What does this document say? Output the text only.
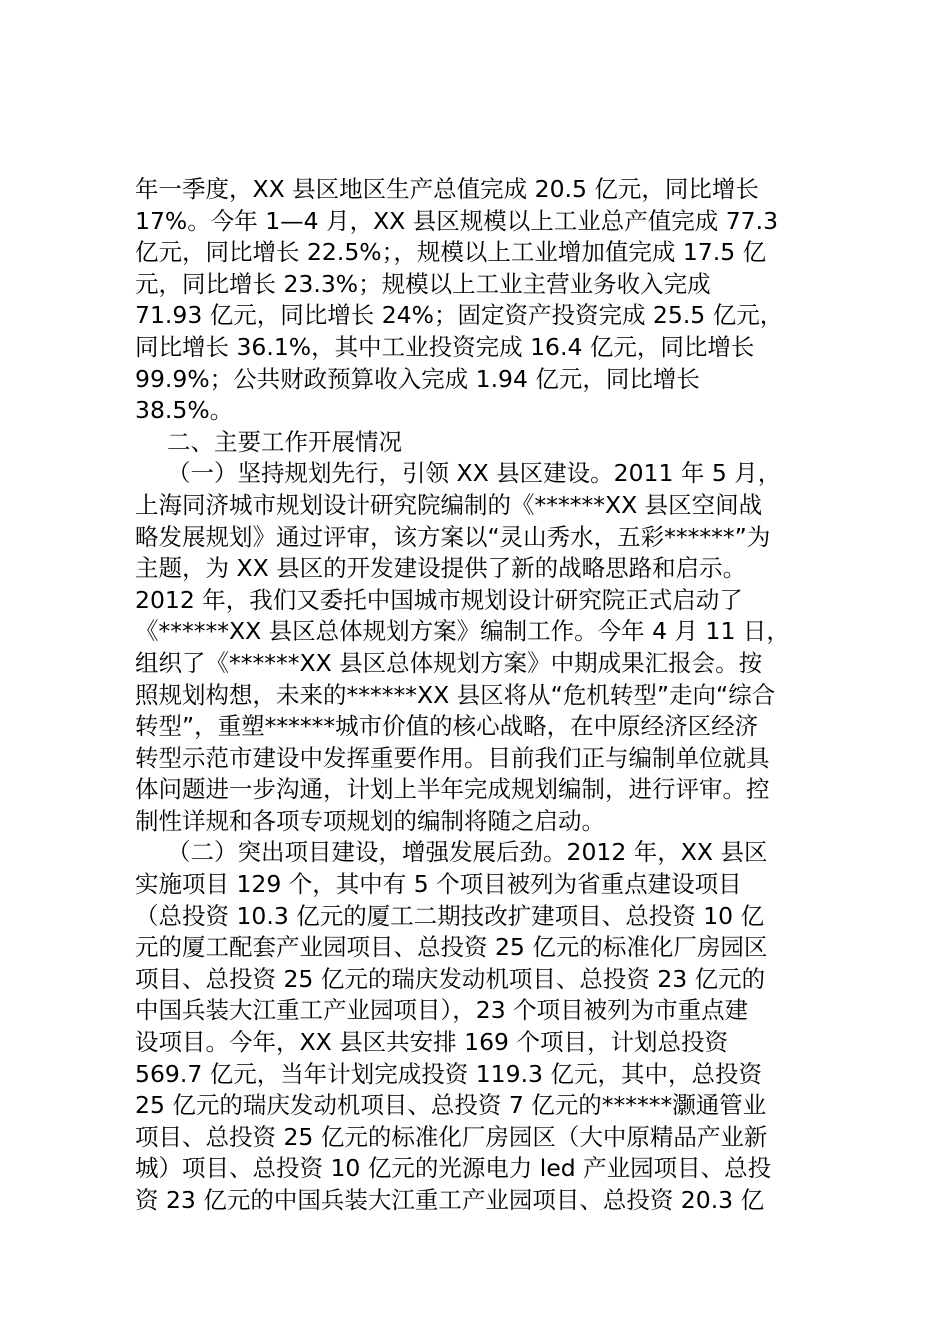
年一季度，XX 县区地区生产总值完成 20.5 亿元，同比增长
17%。今年 1—4 月，XX 县区规模以上工业总产值完成 77.3
亿元，同比增长 22.5%；，规模以上工业增加值完成 17.5 亿
元，同比增长 23.3%；规模以上工业主营业务收入完成
71.93 亿元，同比增长 24%；固定资产投资完成 25.5 亿元，
同比增长 36.1%，其中工业投资完成 16.4 亿元，同比增长
99.9%；公共财政预算收入完成 1.94 亿元，同比增长
38.5%。
二、主要工作开展情况
（一）坚持规划先行，引领 XX 县区建设。2011 年 5 月，
上海同济城市规划设计研究院编制的《******XX 县区空间战
略发展规划》通过评审，该方案以“灵山秀水，五彩******”为
主题，为 XX 县区的开发建设提供了新的战略思路和启示。
2012 年，我们又委托中国城市规划设计研究院正式启动了
《******XX 县区总体规划方案》编制工作。今年 4 月 11 日，
组织了《******XX 县区总体规划方案》中期成果汇报会。按
照规划构想，未来的******XX 县区将从“危机转型”走向“综合
转型”，重塑******城市价值的核心战略，在中原经济区经济
转型示范市建设中发挥重要作用。目前我们正与编制单位就具
体问题进一步沟通，计划上半年完成规划编制，进行评审。控
制性详规和各项专项规划的编制将随之启动。
（二）突出项目建设，增强发展后劲。2012 年，XX 县区
实施项目 129 个，其中有 5 个项目被列为省重点建设项目
（总投资 10.3 亿元的厦工二期技改扩建项目、总投资 10 亿
元的厦工配套产业园项目、总投资 25 亿元的标准化厂房园区
项目、总投资 25 亿元的瑞庆发动机项目、总投资 23 亿元的
中国兵装大江重工产业园项目），23 个项目被列为市重点建
设项目。今年，XX 县区共安排 169 个项目，计划总投资
569.7 亿元，当年计划完成投资 119.3 亿元，其中，总投资
25 亿元的瑞庆发动机项目、总投资 7 亿元的******灏通管业
项目、总投资 25 亿元的标准化厂房园区（大中原精品产业新
城）项目、总投资 10 亿元的光源电力 led 产业园项目、总投
资 23 亿元的中国兵装大江重工产业园项目、总投资 20.3 亿
